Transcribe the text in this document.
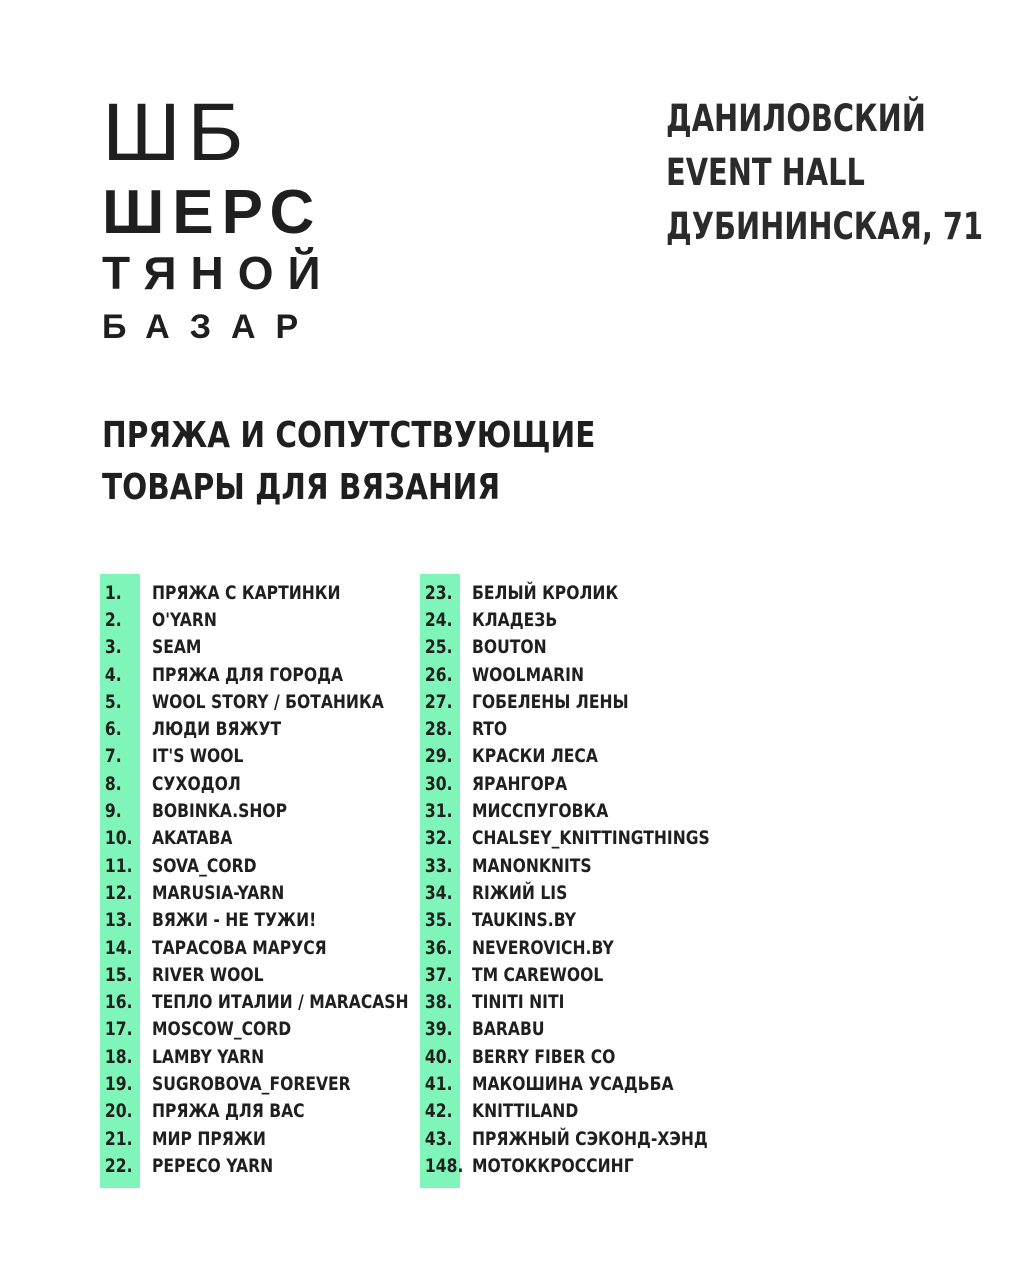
ШБ
ШЕРС
ТЯНОЙ
БАЗАР
ДАНИЛОВСКИЙ
EVENT HALL
ДУБИНИНСКАЯ, 71
ПРЯЖА И СОПУТСТВУЮЩИЕ
ТОВАРЫ ДЛЯ ВЯЗАНИЯ
1.	ПРЯЖА С КАРТИНКИ
2.	O'YARN
3.	SEAM
4.	ПРЯЖА ДЛЯ ГОРОДА
5.	WOOL STORY / БОТАНИКА
6.	ЛЮДИ ВЯЖУТ
7.	IT'S WOOL
8.	СУХОДОЛ
9.	BOBINKA.SHOP
10.	AKATABA
11.	SOVA_CORD
12.	MARUSIA-YARN
13.	ВЯЖИ - НЕ ТУЖИ!
14.	ТАРАСОВА МАРУСЯ
15.	RIVER WOOL
16.	ТЕПЛО ИТАЛИИ / MARACASH
17.	MOSCOW_CORD
18.	LAMBY YARN
19.	SUGROBOVA_FOREVER
20.	ПРЯЖА ДЛЯ ВАС
21.	МИР ПРЯЖИ
22.	PEPECO YARN
23.	БЕЛЫЙ КРОЛИК
24.	КЛАДЕЗЬ
25.	BOUTON
26.	WOOLMARIN
27.	ГОБЕЛЕНЫ ЛЕНЫ
28.	RTO
29.	КРАСКИ ЛЕСА
30.	ЯРАНГОРА
31.	МИССПУГОВКА
32.	CHALSEY_KNITTINGTHINGS
33.	MANONKNITS
34.	RIЖИЙ LIS
35.	TAUKINS.BY
36.	NEVEROVICH.BY
37.	TM CAREWOOL
38.	TINITI NITI
39.	BARABU
40.	BERRY FIBER CO
41.	МАКОШИНА УСАДЬБА
42.	KNITTILAND
43.	ПРЯЖНЫЙ СЭКОНД-ХЭНД
148. МОТОККРОССИНГ
